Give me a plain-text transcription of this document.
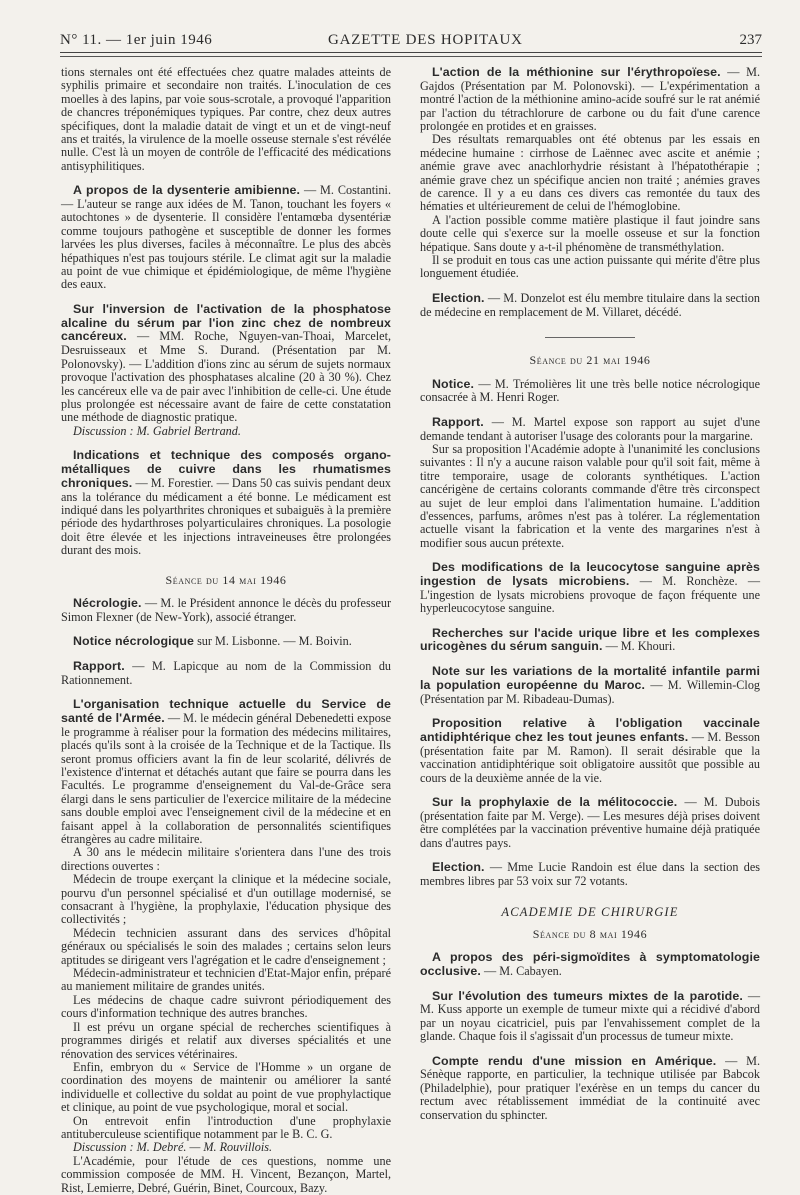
N° 11. — 1er juin 1946	GAZETTE DES HOPITAUX	237

tions sternales ont été effectuées chez quatre malades atteints de syphilis primaire et secondaire non traités. L'inoculation de ces moelles à des lapins, par voie sous-scrotale, a provoqué l'apparition de chancres tréponémiques typiques. Par contre, chez deux autres spécifiques, dont la maladie datait de vingt et un et de vingt-neuf ans et traités, la virulence de la moelle osseuse sternale s'est révélée nulle. C'est là un moyen de contrôle de l'efficacité des médications antisyphilitiques.

A propos de la dysenterie amibienne. — M. Costantini. — L'auteur se range aux idées de M. Tanon, touchant les foyers « autochtones » de dysenterie. Il considère l'entamœba dysentériæ comme toujours pathogène et susceptible de donner les formes larvées les plus diverses, faciles à méconnaître. Le plus des abcès hépathiques n'est pas toujours stérile. Le climat agit sur la maladie au point de vue chimique et épidémiologique, de même l'hygiène des eaux.

Sur l'inversion de l'activation de la phosphatose alcaline du sérum par l'ion zinc chez de nombreux cancéreux. — MM. Roche, Nguyen-van-Thoai, Marcelet, Desruisseaux et Mme S. Durand. (Présentation par M. Polonovsky). — L'addition d'ions zinc au sérum de sujets normaux provoque l'activation des phosphatases alcaline (20 à 30 %). Chez les cancéreux elle va de pair avec l'inhibition de celle-ci. Une étude plus prolongée est nécessaire avant de faire de cette constatation une méthode de diagnostic pratique.

Discussion : M. Gabriel Bertrand.

Indications et technique des composés organo-métalliques de cuivre dans les rhumatismes chroniques. — M. Forestier. — Dans 50 cas suivis pendant deux ans la tolérance du médicament a été bonne. Le médicament est indiqué dans les polyarthrites chroniques et subaiguës à la première période des hydarthroses polyarticulaires chroniques. La posologie doit être élevée et les injections intraveineuses être prolongées durant des mois.

Séance du 14 mai 1946

Nécrologie. — M. le Président annonce le décès du professeur Simon Flexner (de New-York), associé étranger.

Notice nécrologique sur M. Lisbonne. — M. Boivin.

Rapport. — M. Lapicque au nom de la Commission du Rationnement.

L'organisation technique actuelle du Service de santé de l'Armée. — M. le médecin général Debenedetti expose le programme à réaliser pour la formation des médecins militaires, placés qu'ils sont à la croisée de la Technique et de la Tactique. Ils seront promus officiers avant la fin de leur scolarité, délivrés de l'existence d'internat et détachés autant que faire se pourra dans les Facultés. Le programme d'enseignement du Val-de-Grâce sera élargi dans le sens particulier de l'exercice militaire de la médecine sans double emploi avec l'enseignement civil de la médecine et en faisant appel à la collaboration de personnalités scientifiques étrangères au cadre militaire.

A 30 ans le médecin militaire s'orientera dans l'une des trois directions ouvertes :

Médecin de troupe exerçant la clinique et la médecine sociale, pourvu d'un personnel spécialisé et d'un outillage modernisé, se consacrant à l'hygiène, la prophylaxie, l'éducation physique des collectivités ;

Médecin technicien assurant dans des services d'hôpital généraux ou spécialisés le soin des malades ; certains selon leurs aptitudes se dirigeant vers l'agrégation et le cadre d'enseignement ;

Médecin-administrateur et technicien d'Etat-Major enfin, préparé au maniement militaire de grandes unités.

Les médecins de chaque cadre suivront périodiquement des cours d'information technique des autres branches.

Il est prévu un organe spécial de recherches scientifiques à programmes dirigés et relatif aux diverses spécialités et une rénovation des services vétérinaires.

Enfin, embryon du « Service de l'Homme » un organe de coordination des moyens de maintenir ou améliorer la santé individuelle et collective du soldat au point de vue prophylactique et clinique, au point de vue psychologique, moral et social.

On entrevoit enfin l'introduction d'une prophylaxie antituberculeuse scientifique notamment par le B. C. G.

Discussion : M. Debré. — M. Rouvillois.

L'Académie, pour l'étude de ces questions, nomme une commission composée de MM. H. Vincent, Bezançon, Martel, Rist, Lemierre, Debré, Guérin, Binet, Courcoux, Bazy.

L'action de la méthionine sur l'érythropoïese. — M. Gajdos (Présentation par M. Polonovski). — L'expérimentation a montré l'action de la méthionine amino-acide soufré sur le rat anémié par l'action du tétrachlorure de carbone ou du fait d'une carence prolongée en protides et en graisses.

Des résultats remarquables ont été obtenus par les essais en médecine humaine : cirrhose de Laënnec avec ascite et anémie ; anémie grave avec anachlorhydrie résistant à l'hépatothérapie ; anémie grave chez un spécifique ancien non traité ; anémies graves de carence. Il y a eu dans ces divers cas remontée du taux des hématies et ultérieurement de celui de l'hémoglobine.

A l'action possible comme matière plastique il faut joindre sans doute celle qui s'exerce sur la moelle osseuse et sur la fonction hépatique. Sans doute y a-t-il phénomène de transméthylation.

Il se produit en tous cas une action puissante qui mérite d'être plus longuement étudiée.

Election. — M. Donzelot est élu membre titulaire dans la section de médecine en remplacement de M. Villaret, décédé.

Séance du 21 mai 1946

Notice. — M. Trémolières lit une très belle notice nécrologique consacrée à M. Henri Roger.

Rapport. — M. Martel expose son rapport au sujet d'une demande tendant à autoriser l'usage des colorants pour la margarine.

Sur sa proposition l'Académie adopte à l'unanimité les conclusions suivantes : Il n'y a aucune raison valable pour qu'il soit fait, même à titre temporaire, usage de colorants synthétiques. L'action cancérigène de certains colorants commande d'être très circonspect au sujet de leur emploi dans l'alimentation humaine. L'addition d'essences, parfums, arômes n'est pas à tolérer. La réglementation actuelle visant la fabrication et la vente des margarines n'est à modifier sous aucun prétexte.

Des modifications de la leucocytose sanguine après ingestion de lysats microbiens. — M. Ronchèze. — L'ingestion de lysats microbiens provoque de façon fréquente une hyperleucocytose sanguine.

Recherches sur l'acide urique libre et les complexes uricogènes du sérum sanguin. — M. Khouri.

Note sur les variations de la mortalité infantile parmi la population européenne du Maroc. — M. Willemin-Clog (Présentation par M. Ribadeau-Dumas).

Proposition relative à l'obligation vaccinale antidiphtérique chez les tout jeunes enfants. — M. Besson (présentation faite par M. Ramon). Il serait désirable que la vaccination antidiphtérique soit obligatoire aussitôt que possible au cours de la deuxième année de la vie.

Sur la prophylaxie de la mélitococcie. — M. Dubois (présentation faite par M. Verge). — Les mesures déjà prises doivent être complétées par la vaccination préventive humaine déjà pratiquée dans d'autres pays.

Election. — Mme Lucie Randoin est élue dans la section des membres libres par 53 voix sur 72 votants.

ACADEMIE DE CHIRURGIE
Séance du 8 mai 1946

A propos des péri-sigmoïdites à symptomatologie occlusive. — M. Cabayen.

Sur l'évolution des tumeurs mixtes de la parotide. — M. Kuss apporte un exemple de tumeur mixte qui a récidivé d'abord par un noyau cicatriciel, puis par l'envahissement complet de la glande. Chaque fois il s'agissait d'un processus de tumeur mixte.

Compte rendu d'une mission en Amérique. — M. Sénèque rapporte, en particulier, la technique utilisée par Babcok (Philadelphie), pour pratiquer l'exérèse en un temps du cancer du rectum avec rétablissement immédiat de la continuité avec conservation du sphincter.
